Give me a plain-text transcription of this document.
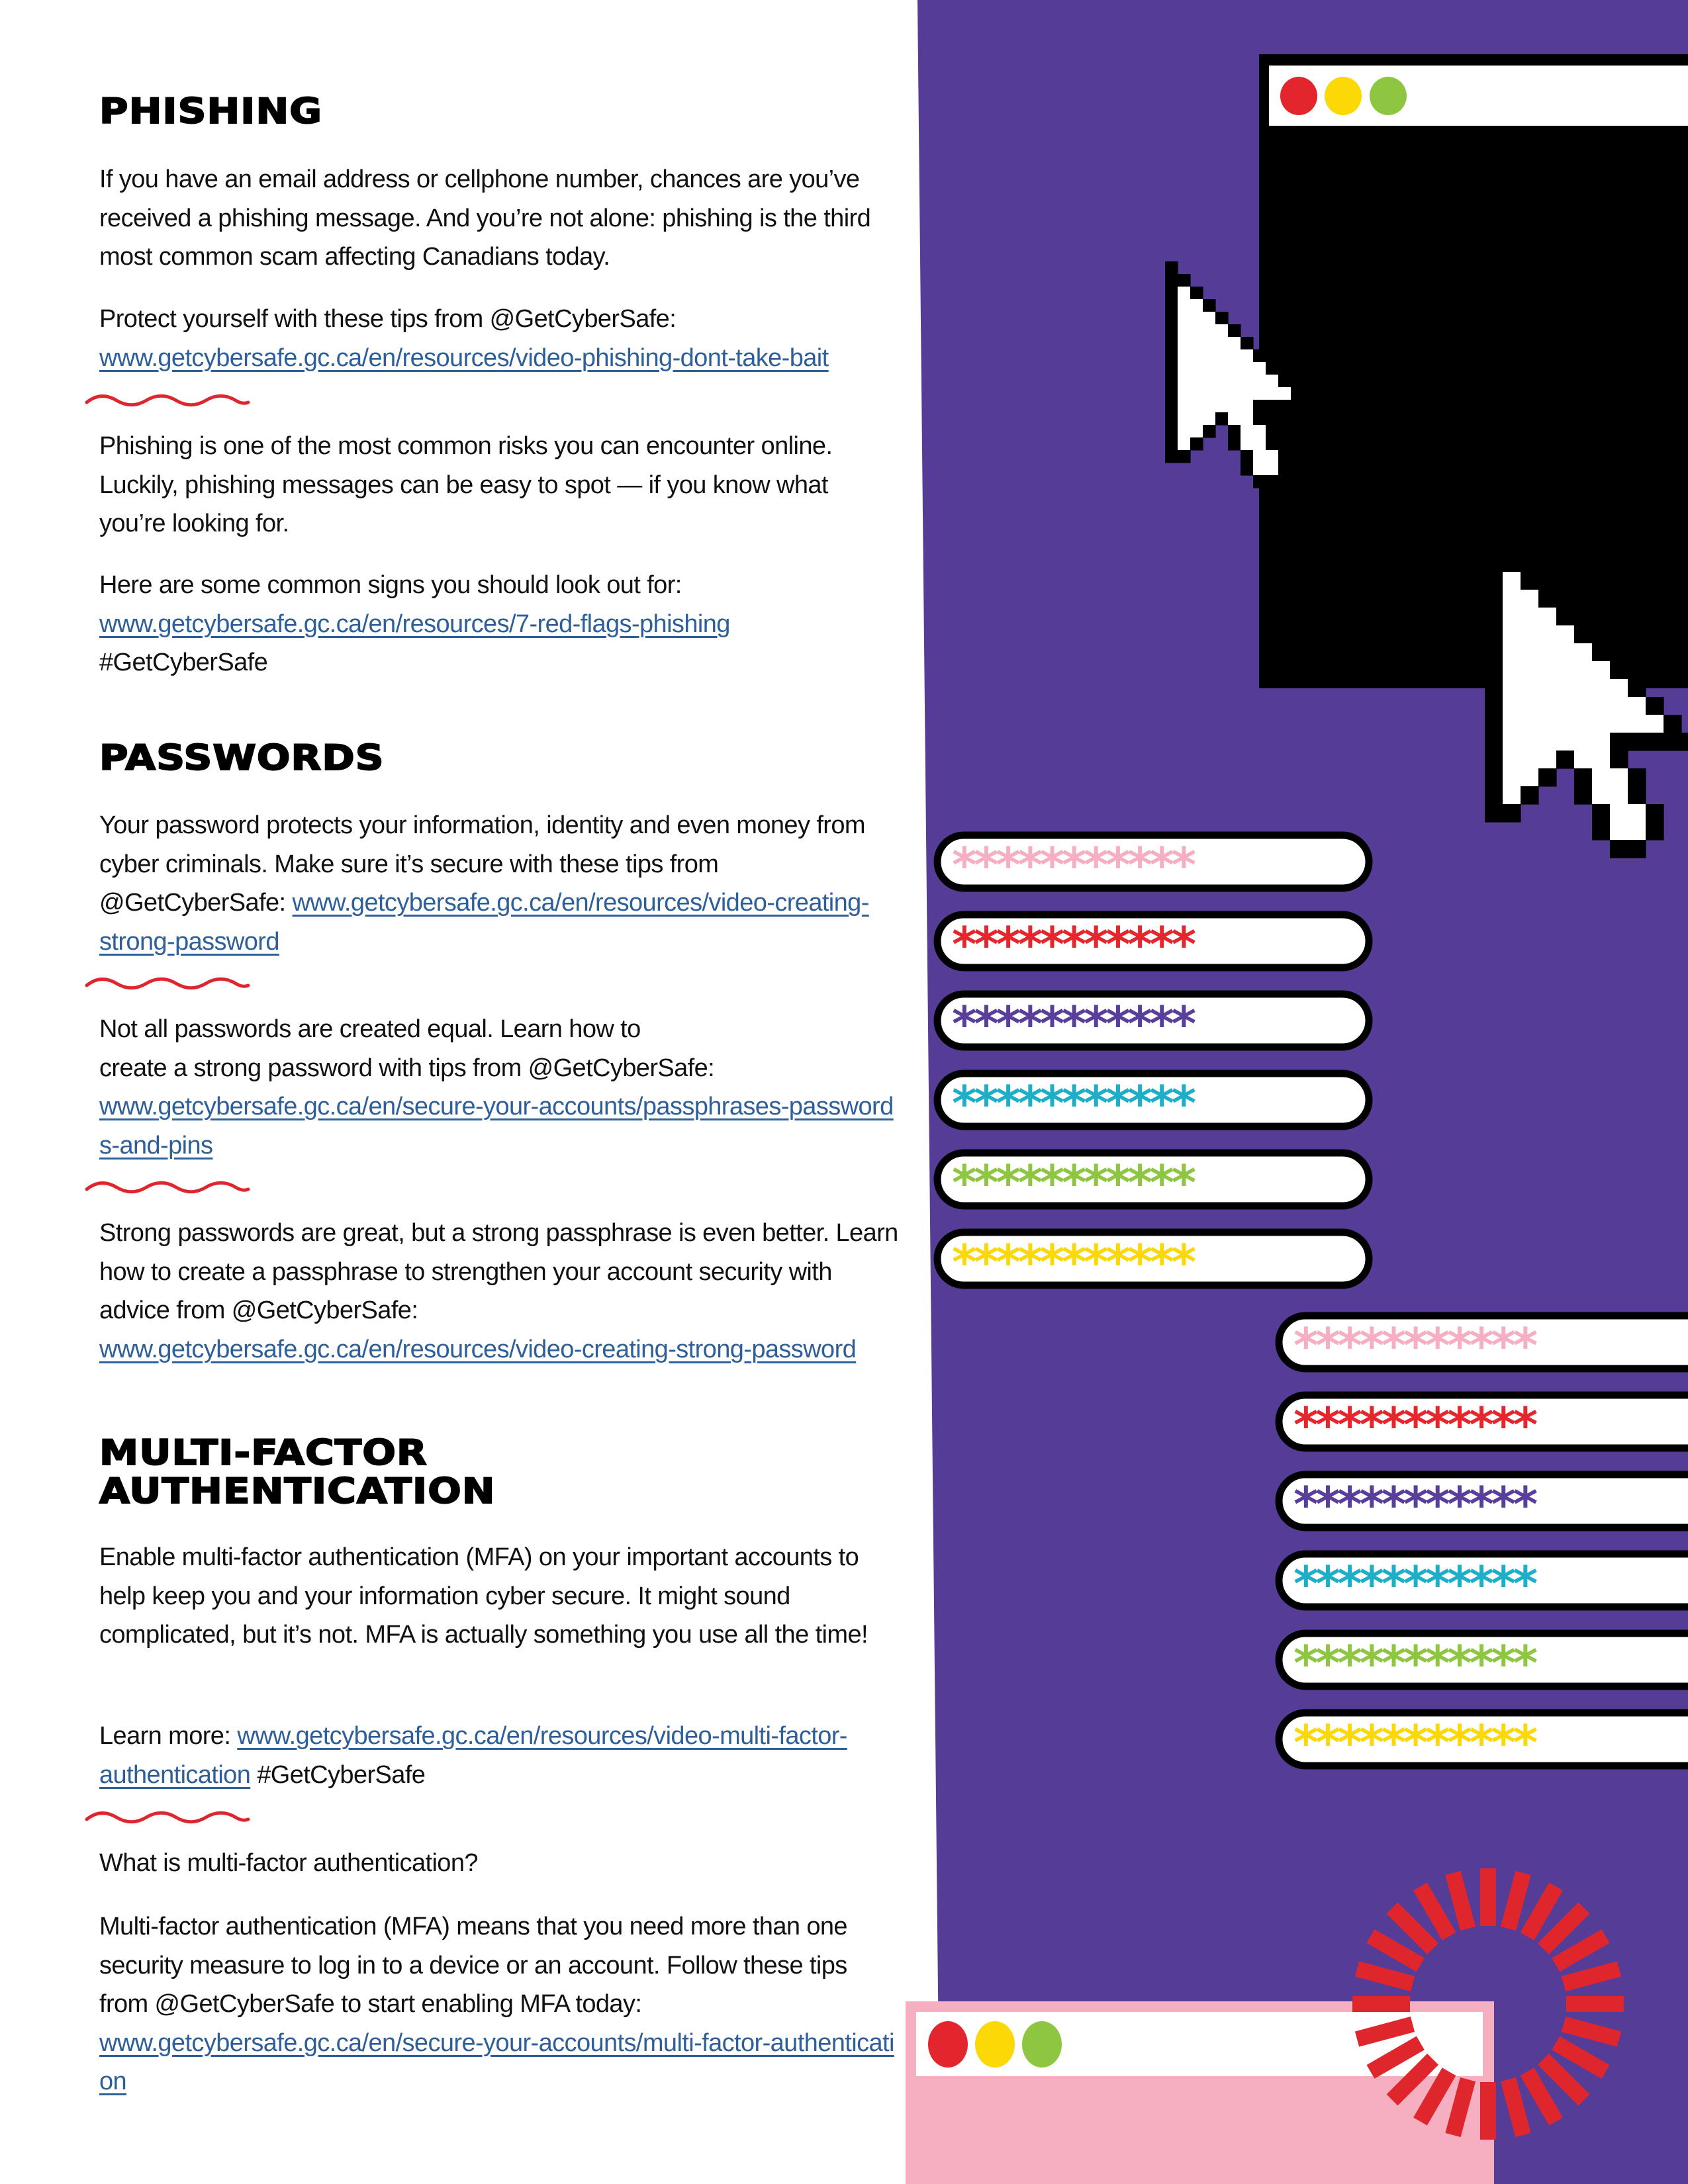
***********
***********
***********
***********
***********
***********
***********
***********
***********
***********
***********
***********
PHISHING

If you have an email address or cellphone number, chances are you’ve received a phishing message. And you’re not alone: phishing is the third most common scam affecting Canadians today.

Protect yourself with these tips from @GetCyberSafe:
www.getcybersafe.gc.ca/en/resources/video-phishing-dont-take-bait

Phishing is one of the most common risks you can encounter online. Luckily, phishing messages can be easy to spot — if you know what you’re looking for.

Here are some common signs you should look out for:
www.getcybersafe.gc.ca/en/resources/7-red-flags-phishing
#GetCyberSafe

PASSWORDS

Your password protects your information, identity and even money from cyber criminals. Make sure it’s secure with these tips from @GetCyberSafe: www.getcybersafe.gc.ca/en/resources/video-creating-strong-password

Not all passwords are created equal. Learn how to
create a strong password with tips from @GetCyberSafe:
www.getcybersafe.gc.ca/en/secure-your-accounts/passphrases-passwords-and-pins

Strong passwords are great, but a strong passphrase is even better. Learn how to create a passphrase to strengthen your account security with advice from @GetCyberSafe: www.getcybersafe.gc.ca/en/resources/video-creating-strong-password

MULTI-FACTOR
AUTHENTICATION

Enable multi-factor authentication (MFA) on your important accounts to help keep you and your information cyber secure. It might sound complicated, but it’s not. MFA is actually something you use all the time!

Learn more: www.getcybersafe.gc.ca/en/resources/video-multi-factor-authentication #GetCyberSafe

What is multi-factor authentication?

Multi-factor authentication (MFA) means that you need more than one security measure to log in to a device or an account. Follow these tips from @GetCyberSafe to start enabling MFA today:
www.getcybersafe.gc.ca/en/secure-your-accounts/multi-factor-authentication
